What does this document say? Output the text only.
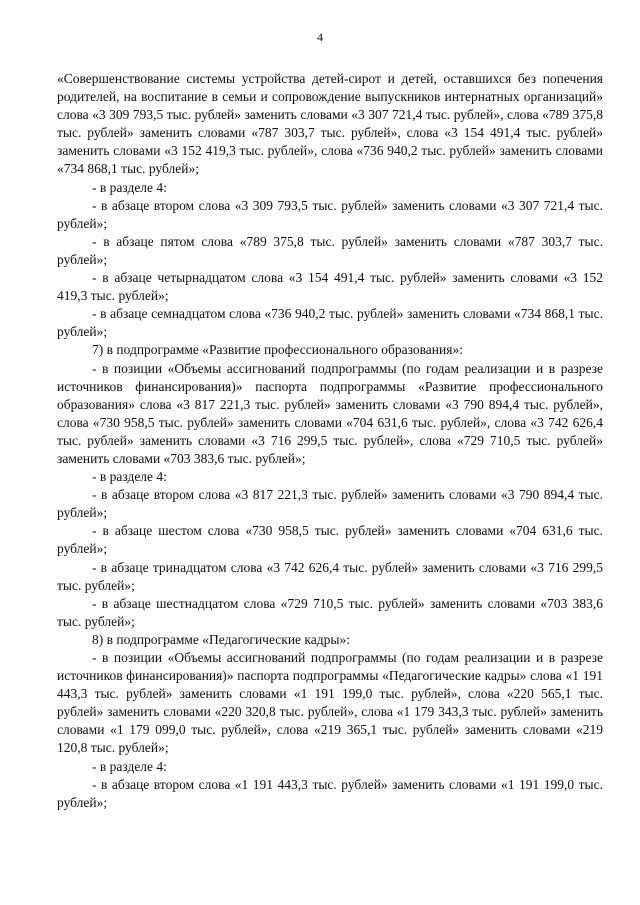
4

«Совершенствование системы устройства детей-сирот и детей, оставшихся без попечения родителей, на воспитание в семьи и сопровождение выпускников интернатных организаций» слова «3 309 793,5 тыс. рублей» заменить словами «3 307 721,4 тыс. рублей», слова «789 375,8 тыс. рублей» заменить словами «787 303,7 тыс. рублей», слова «3 154 491,4 тыс. рублей» заменить словами «3 152 419,3 тыс. рублей», слова «736 940,2 тыс. рублей» заменить словами «734 868,1 тыс. рублей»;

- в разделе 4:

- в абзаце втором слова «3 309 793,5 тыс. рублей» заменить словами «3 307 721,4 тыс. рублей»;

- в абзаце пятом слова «789 375,8 тыс. рублей» заменить словами «787 303,7 тыс. рублей»;

- в абзаце четырнадцатом слова «3 154 491,4 тыс. рублей» заменить словами «3 152 419,3 тыс. рублей»;

- в абзаце семнадцатом слова «736 940,2 тыс. рублей» заменить словами «734 868,1 тыс. рублей»;

7) в подпрограмме «Развитие профессионального образования»:

- в позиции «Объемы ассигнований подпрограммы (по годам реализации и в разрезе источников финансирования)» паспорта подпрограммы «Развитие профессионального образования» слова «3 817 221,3 тыс. рублей» заменить словами «3 790 894,4 тыс. рублей», слова «730 958,5 тыс. рублей» заменить словами «704 631,6 тыс. рублей», слова «3 742 626,4 тыс. рублей» заменить словами «3 716 299,5 тыс. рублей», слова «729 710,5 тыс. рублей» заменить словами «703 383,6 тыс. рублей»;

- в разделе 4:

- в абзаце втором слова «3 817 221,3 тыс. рублей» заменить словами «3 790 894,4 тыс. рублей»;

- в абзаце шестом слова «730 958,5 тыс. рублей» заменить словами «704 631,6 тыс. рублей»;

- в абзаце тринадцатом слова «3 742 626,4 тыс. рублей» заменить словами «3 716 299,5 тыс. рублей»;

- в абзаце шестнадцатом слова «729 710,5 тыс. рублей» заменить словами «703 383,6 тыс. рублей»;

8) в подпрограмме «Педагогические кадры»:

- в позиции «Объемы ассигнований подпрограммы (по годам реализации и в разрезе источников финансирования)» паспорта подпрограммы «Педагогические кадры» слова «1 191 443,3 тыс. рублей» заменить словами «1 191 199,0 тыс. рублей», слова «220 565,1 тыс. рублей» заменить словами «220 320,8 тыс. рублей», слова «1 179 343,3 тыс. рублей» заменить словами «1 179 099,0 тыс. рублей», слова «219 365,1 тыс. рублей» заменить словами «219 120,8 тыс. рублей»;

- в разделе 4:

- в абзаце втором слова «1 191 443,3 тыс. рублей» заменить словами «1 191 199,0 тыс. рублей»;
